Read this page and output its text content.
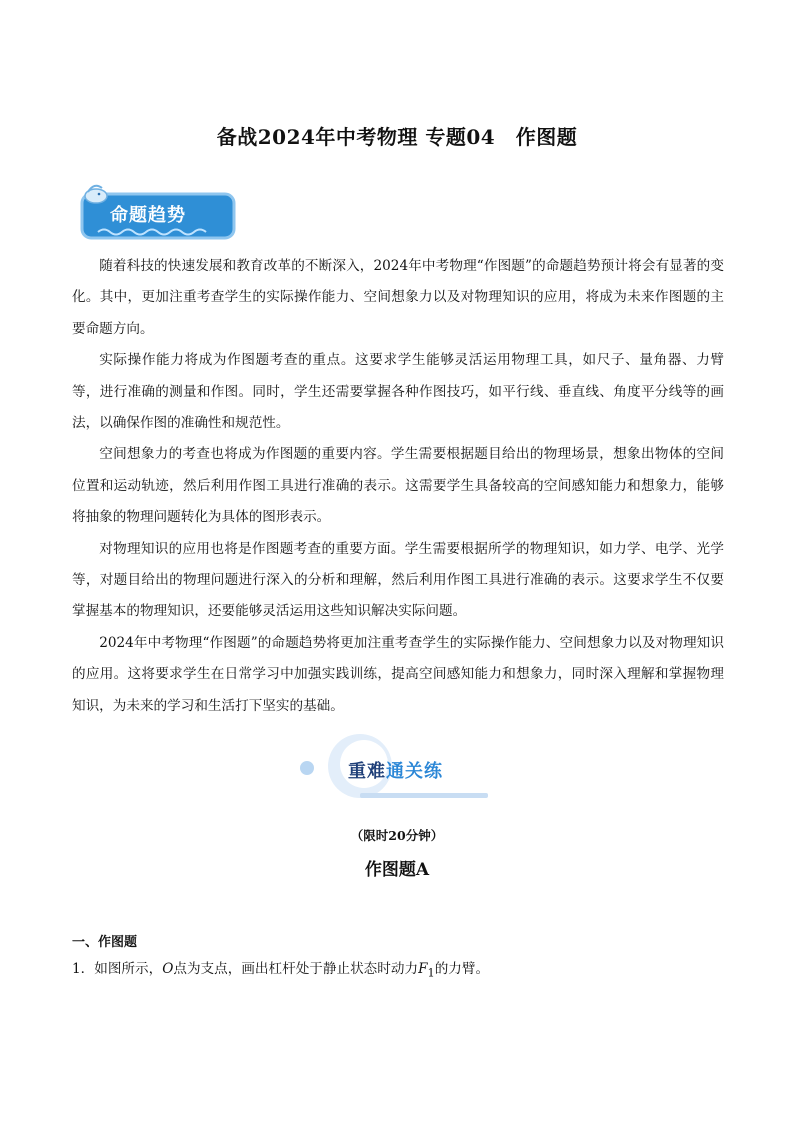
备战2024年中考物理 专题04　作图题
命题趋势

随着科技的快速发展和教育改革的不断深入，2024年中考物理“作图题”的命题趋势预计将会有显著的变化。其中，更加注重考查学生的实际操作能力、空间想象力以及对物理知识的应用，将成为未来作图题的主要命题方向。

实际操作能力将成为作图题考查的重点。这要求学生能够灵活运用物理工具，如尺子、量角器、力臂等，进行准确的测量和作图。同时，学生还需要掌握各种作图技巧，如平行线、垂直线、角度平分线等的画法，以确保作图的准确性和规范性。

空间想象力的考查也将成为作图题的重要内容。学生需要根据题目给出的物理场景，想象出物体的空间位置和运动轨迹，然后利用作图工具进行准确的表示。这需要学生具备较高的空间感知能力和想象力，能够将抽象的物理问题转化为具体的图形表示。

对物理知识的应用也将是作图题考查的重要方面。学生需要根据所学的物理知识，如力学、电学、光学等，对题目给出的物理问题进行深入的分析和理解，然后利用作图工具进行准确的表示。这要求学生不仅要掌握基本的物理知识，还要能够灵活运用这些知识解决实际问题。

2024年中考物理“作图题”的命题趋势将更加注重考查学生的实际操作能力、空间想象力以及对物理知识的应用。这将要求学生在日常学习中加强实践训练，提高空间感知能力和想象力，同时深入理解和掌握物理知识，为未来的学习和生活打下坚实的基础。

重难通关练
（限时20分钟）
作图题A
一、作图题
1．如图所示，O点为支点，画出杠杆处于静止状态时动力$F_1$的力臂。
